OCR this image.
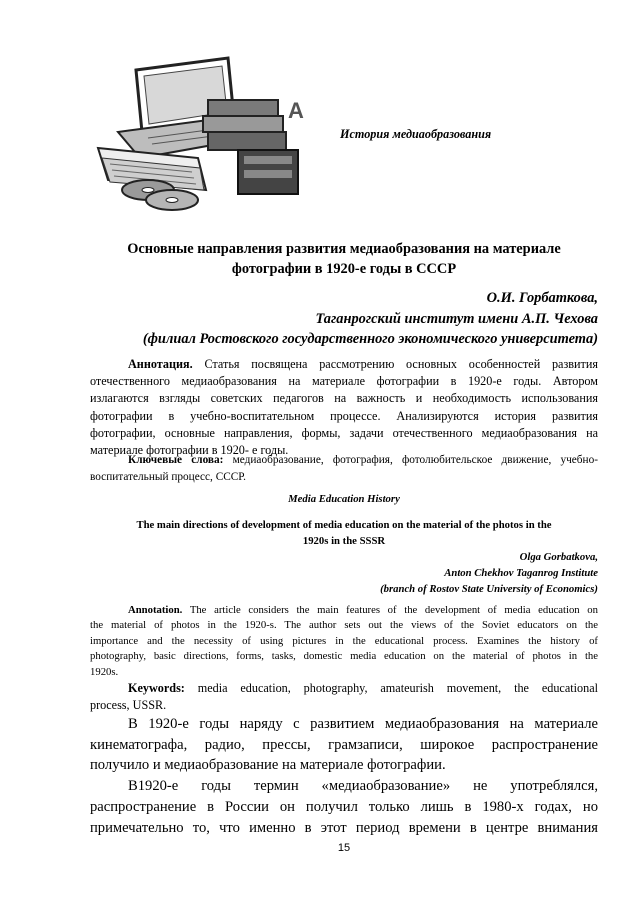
A
История медиаобразования
Основные направления развития медиаобразования на материале
фотографии в 1920-е годы в СССР
О.И. Горбаткова,
Таганрогский институт имени А.П. Чехова
(филиал Ростовского государственного экономического университета)
Аннотация. Статья посвящена рассмотрению основных особенностей развития
отечественного медиаобразования на материале фотографии в 1920-е годы. Автором
излагаются взгляды советских педагогов на важность и необходимость использования
фотографии в учебно-воспитательном процессе. Анализируются история развития
фотографии, основные направления, формы, задачи отечественного медиаобразования на
материале фотографии в 1920- е годы.
Ключевые слова: медиаобразование, фотография, фотолюбительское движение, учебно-
воспитательный процесс, СССР.
Media Education History
The main directions of development of media education on the material of the photos in the
1920s in the SSSR
Olga Gorbatkova,
Anton Chekhov Taganrog Institute
(branch of Rostov State University of Economics)
Annotation. The article considers the main features of the development of media education on
the material of photos in the 1920-s. The author sets out the views of the Soviet educators on the
importance and the necessity of using pictures in the educational process. Examines the history of
photography, basic directions, forms, tasks, domestic media education on the material of photos in the
1920s.
Keywords: media education, photography, amateurish movement, the educational
process, USSR.
В 1920-е годы наряду с развитием медиаобразования на материале
кинематографа, радио, прессы, грамзаписи, широкое распространение
получило и медиаобразование на материале фотографии.
В1920-е годы термин «медиаобразование» не употреблялся,
распространение в России он получил только лишь в 1980-х годах, но
примечательно то, что именно в этот период времени в центре внимания
15
